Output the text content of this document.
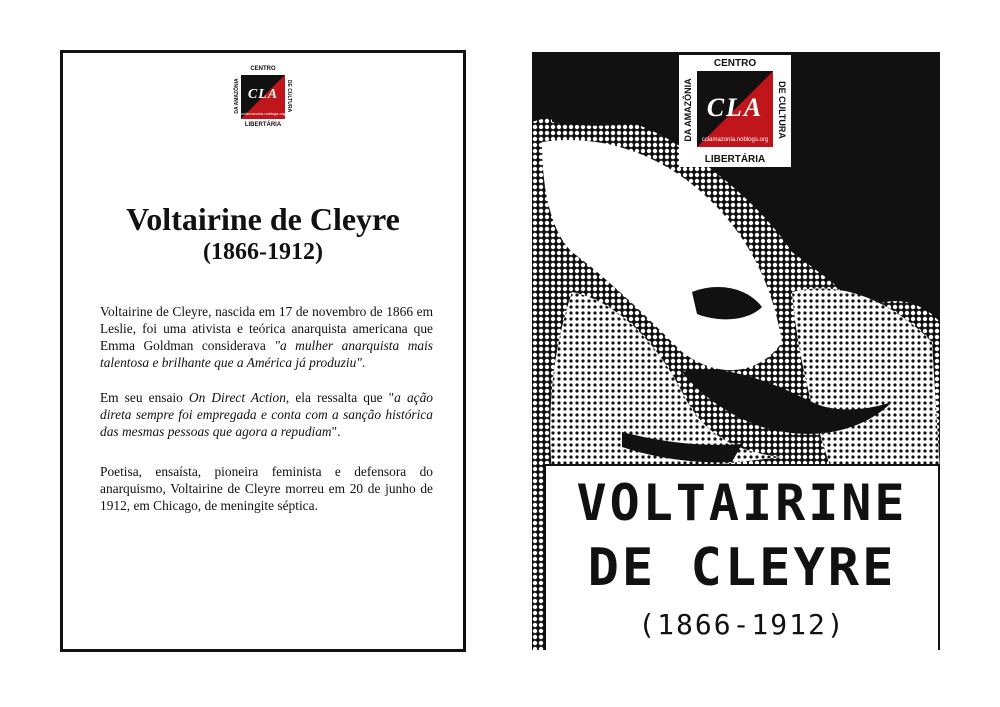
CENTRO
DA AMAZÔNIA CLA
cclamazonia.noblogs.org
DE CULTURA
LIBERTÁRIA
Voltairine de Cleyre
(1866-1912)
Voltairine de Cleyre, nascida em 17 de novembro de 1866 em Leslie, foi uma ativista e teórica anarquista americana que Emma Goldman considerava "a mulher anarquista mais talentosa e brilhante que a América já produziu".
Em seu ensaio On Direct Action, ela ressalta que "a ação direta sempre foi empregada e conta com a sanção histórica das mesmas pessoas que agora a repudiam".
Poetisa, ensaísta, pioneira feminista e defensora do anarquismo, Voltairine de Cleyre morreu em 20 de junho de 1912, em Chicago, de meningite séptica.
CENTRO
DA AMAZÔNIA CLA
cclamazonia.noblogs.org
DE CULTURA
LIBERTÁRIA
VOLTAIRINE
DE CLEYRE
(1866-1912)
